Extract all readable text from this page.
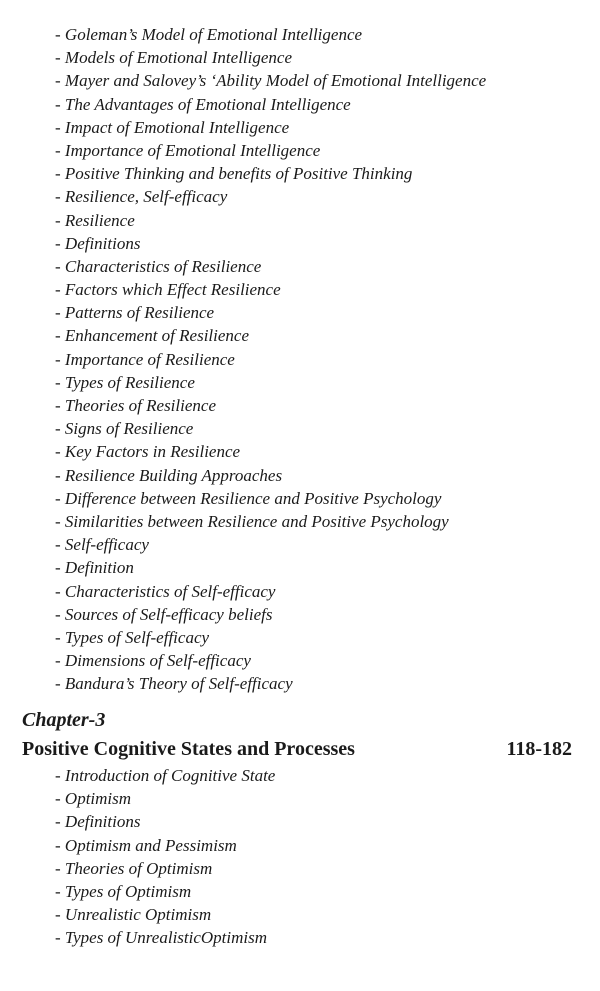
- Goleman’s Model of Emotional Intelligence
- Models of Emotional Intelligence
- Mayer and Salovey’s ‘Ability Model of Emotional Intelligence
- The Advantages of Emotional Intelligence
- Impact of Emotional Intelligence
- Importance of Emotional Intelligence
- Positive Thinking and benefits of Positive Thinking
- Resilience, Self-efficacy
- Resilience
- Definitions
- Characteristics of Resilience
- Factors which Effect Resilience
- Patterns of Resilience
- Enhancement of Resilience
- Importance of Resilience
- Types of Resilience
- Theories of Resilience
- Signs of Resilience
- Key Factors in Resilience
- Resilience Building Approaches
- Difference between Resilience and Positive Psychology
- Similarities between Resilience and Positive Psychology
- Self-efficacy
- Definition
- Characteristics of Self-efficacy
- Sources of Self-efficacy beliefs
- Types of Self-efficacy
- Dimensions of Self-efficacy
- Bandura’s Theory of Self-efficacy
Chapter-3
Positive Cognitive States and Processes	118-182
- Introduction of Cognitive State
- Optimism
- Definitions
- Optimism and Pessimism
- Theories of Optimism
- Types of Optimism
- Unrealistic Optimism
- Types of UnrealisticOptimism
